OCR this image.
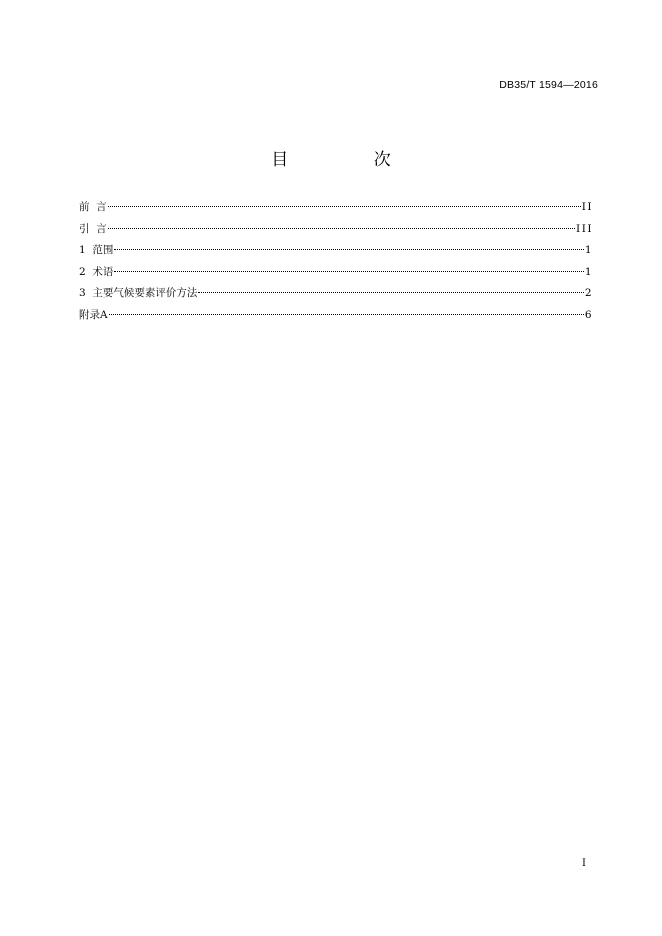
DB35/T 1594—2016
目 次
前  言	II
引  言	III
1  范围	1
2  术语	1
3  主要气候要素评价方法	2
附录A	6
I
